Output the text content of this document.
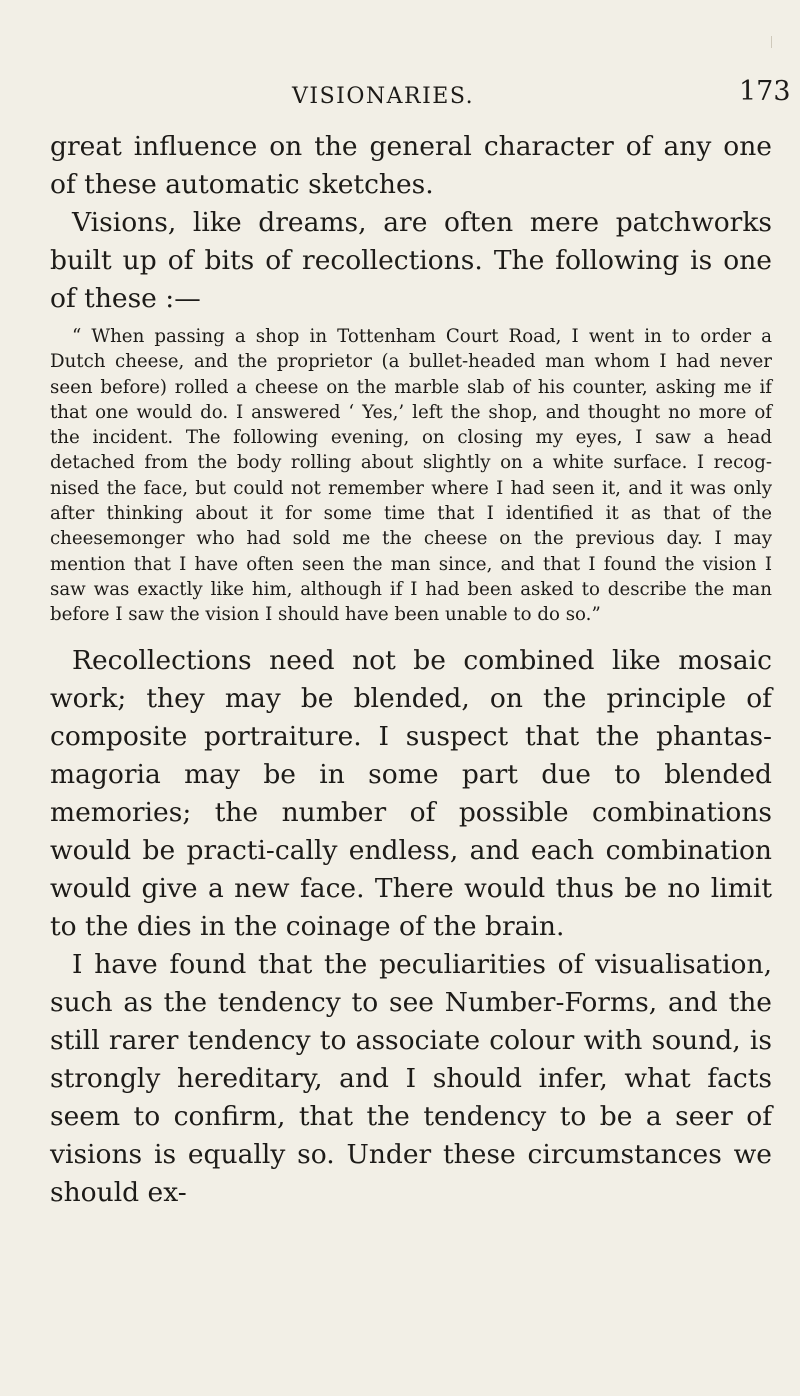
VISIONARIES.	173

great influence on the general character of any one of these automatic sketches.

Visions, like dreams, are often mere patchworks built up of bits of recollections. The following is one of these :—

“ When passing a shop in Tottenham Court Road, I went in to order a Dutch cheese, and the proprietor (a bullet-headed man whom I had never seen before) rolled a cheese on the marble slab of his counter, asking me if that one would do. I answered ‘ Yes,’ left the shop, and thought no more of the incident. The following evening, on closing my eyes, I saw a head detached from the body rolling about slightly on a white surface. I recog-nised the face, but could not remember where I had seen it, and it was only after thinking about it for some time that I identified it as that of the cheesemonger who had sold me the cheese on the previous day. I may mention that I have often seen the man since, and that I found the vision I saw was exactly like him, although if I had been asked to describe the man before I saw the vision I should have been unable to do so.”

Recollections need not be combined like mosaic work; they may be blended, on the principle of composite portraiture. I suspect that the phantas-magoria may be in some part due to blended memories; the number of possible combinations would be practi-cally endless, and each combination would give a new face. There would thus be no limit to the dies in the coinage of the brain.

I have found that the peculiarities of visualisation, such as the tendency to see Number-Forms, and the still rarer tendency to associate colour with sound, is strongly hereditary, and I should infer, what facts seem to confirm, that the tendency to be a seer of visions is equally so. Under these circumstances we should ex-
